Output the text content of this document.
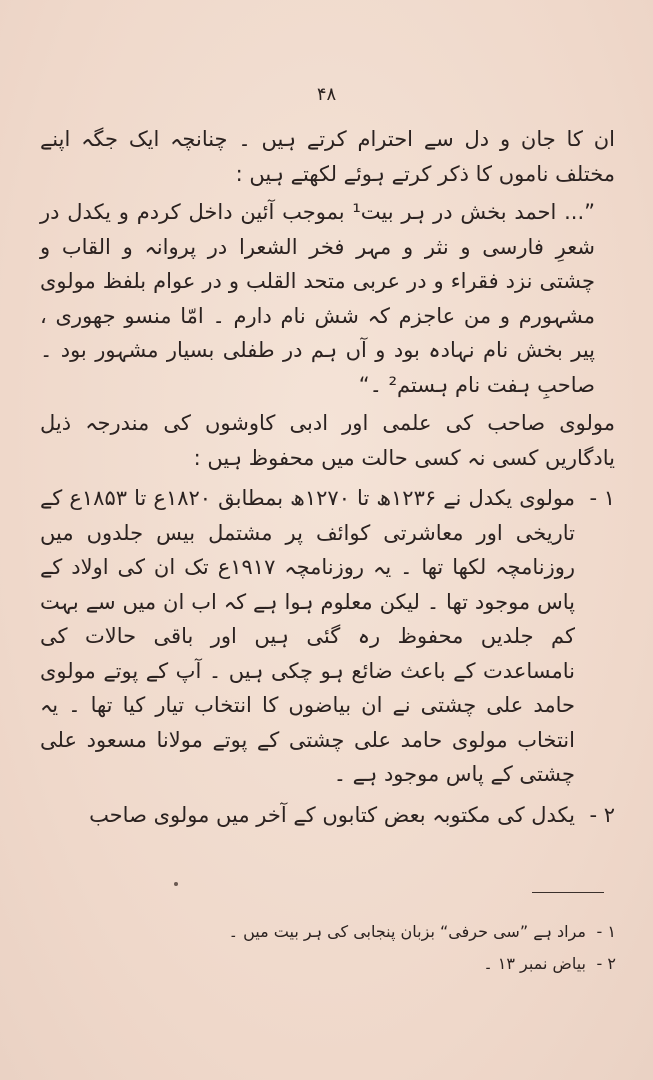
۴۸

ان کا جان و دل سے احترام کرتے ہیں ۔ چنانچہ ایک جگہ اپنے مختلف ناموں کا ذکر کرتے ہوئے لکھتے ہیں :

”... احمد بخش در ہر بیت¹ بموجب آئین داخل کردم و یکدل در شعرِ فارسی و نثر و مہر فخر الشعرا در پروانہ و القاب و چشتی نزد فقراء و در عربی متحد القلب و در عوام بلفظ مولوی مشہورم و من عاجزم کہ شش نام دارم ۔ امّا منسو جھوری ، پیر بخش نام نہادہ بود و آں ہم در طفلی بسیار مشہور بود ۔ صاحبِ ہفت نام ہستم² ۔“

مولوی صاحب کی علمی اور ادبی کاوشوں کی مندرجہ ذیل یادگاریں کسی نہ کسی حالت میں محفوظ ہیں :

۱ -
مولوی یکدل نے ۱۲۳۶ھ تا ۱۲۷۰ھ بمطابق ۱۸۲۰ع تا ۱۸۵۳ع کے تاریخی اور معاشرتی کوائف پر مشتمل بیس جلدوں میں روزنامچہ لکھا تھا ۔ یہ روزنامچہ ۱۹۱۷ع تک ان کی اولاد کے پاس موجود تھا ۔ لیکن معلوم ہوا ہے کہ اب ان میں سے بہت کم جلدیں محفوظ رہ گئی ہیں اور باقی حالات کی نامساعدت کے باعث ضائع ہو چکی ہیں ۔ آپ کے پوتے مولوی حامد علی چشتی نے ان بیاضوں کا انتخاب تیار کیا تھا ۔ یہ انتخاب مولوی حامد علی چشتی کے پوتے مولانا مسعود علی چشتی کے پاس موجود ہے ۔
۲ -
یکدل کی مکتوبہ بعض کتابوں کے آخر میں مولوی صاحب
۱ -
مراد ہے ”سی حرفی“ بزبان پنجابی کی ہر بیت میں ۔
۲ -
بیاض نمبر ۱۳ ۔
